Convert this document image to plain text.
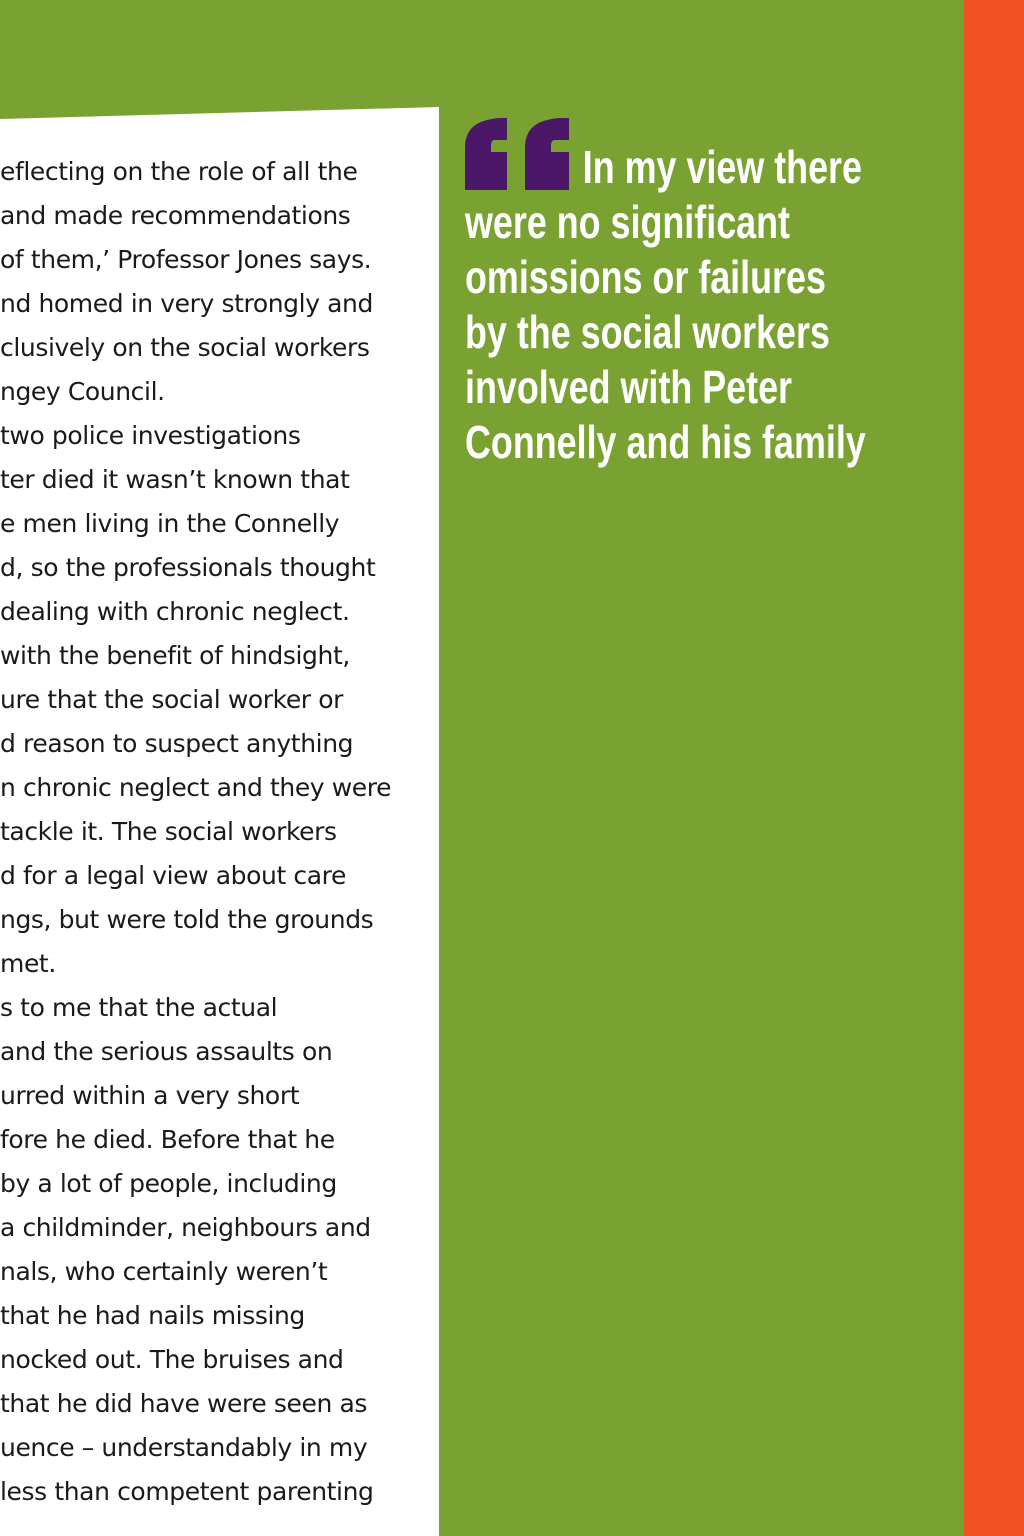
eflecting on the role of all the
and made recommendations
of them,’ Professor Jones says.
nd homed in very strongly and
clusively on the social workers
ngey Council.
two police investigations
ter died it wasn’t known that
e men living in the Connelly
d, so the professionals thought
dealing with chronic neglect.
with the benefit of hindsight,
ure that the social worker or
d reason to suspect anything
n chronic neglect and they were
tackle it. The social workers
d for a legal view about care
ngs, but were told the grounds
met.
s to me that the actual
and the serious assaults on
urred within a very short
fore he died. Before that he
by a lot of people, including
a childminder, neighbours and
nals, who certainly weren’t
that he had nails missing
nocked out. The bruises and
that he did have were seen as
uence – understandably in my
less than competent parenting
In my view there
were no significant
omissions or failures
by the social workers
involved with Peter
Connelly and his family
